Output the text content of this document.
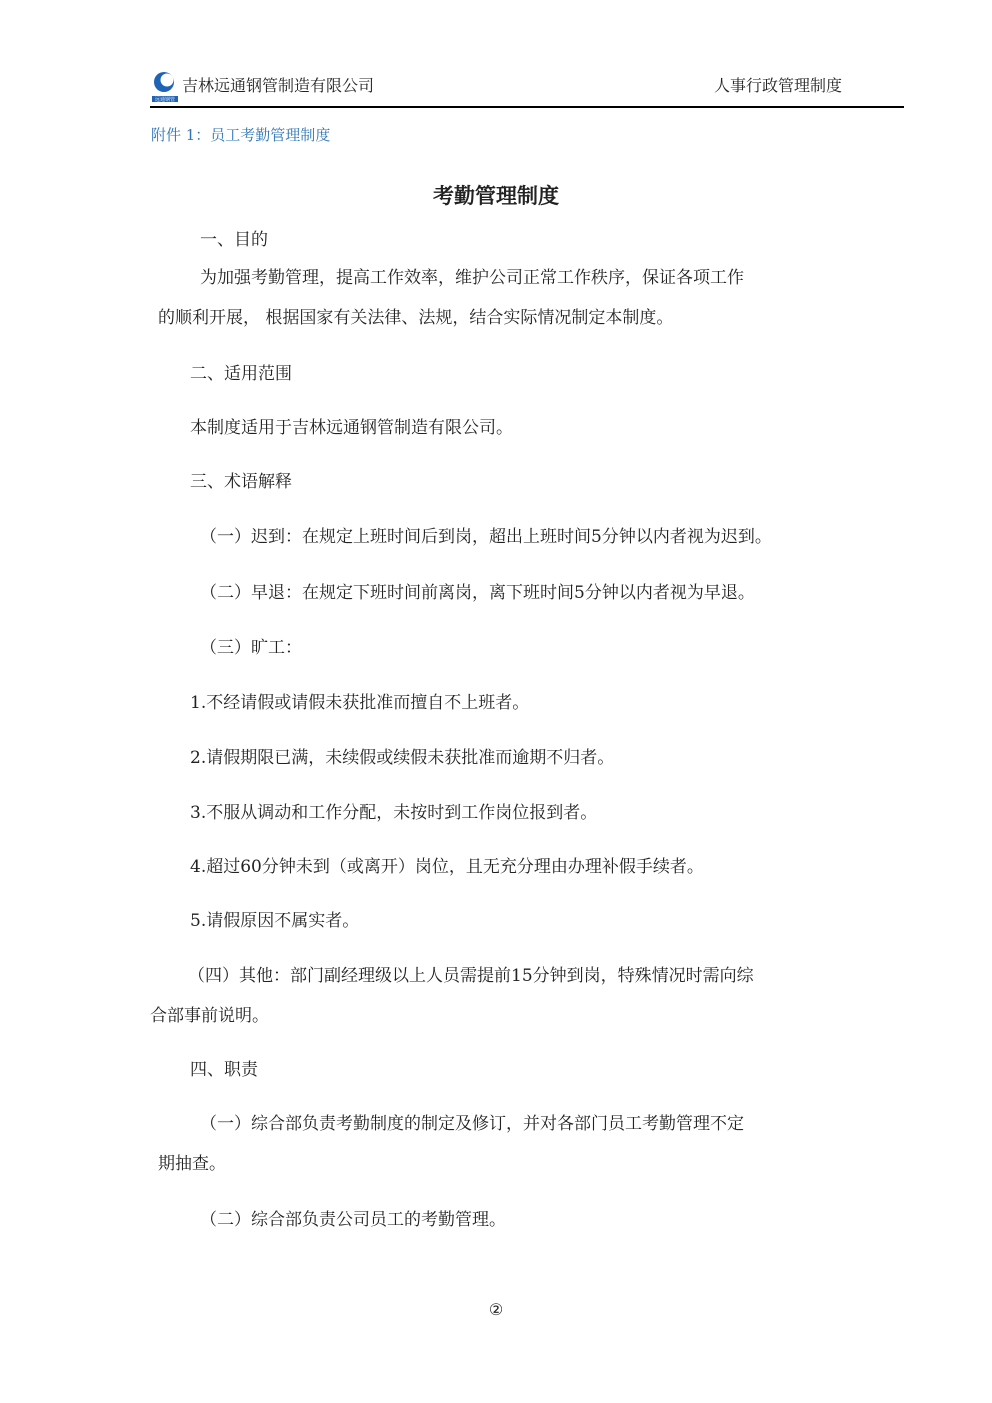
远通钢管
吉林远通钢管制造有限公司	人事行政管理制度
附件 1：员工考勤管理制度
考勤管理制度
一、目的
为加强考勤管理，提高工作效率，维护公司正常工作秩序，保证各项工作
的顺利开展， 根据国家有关法律、法规，结合实际情况制定本制度。
二、适用范围
本制度适用于吉林远通钢管制造有限公司。
三、术语解释
（一）迟到：在规定上班时间后到岗，超出上班时间5分钟以内者视为迟到。
（二）早退：在规定下班时间前离岗，离下班时间5分钟以内者视为早退。
（三）旷工：
1.不经请假或请假未获批准而擅自不上班者。
2.请假期限已满，未续假或续假未获批准而逾期不归者。
3.不服从调动和工作分配，未按时到工作岗位报到者。
4.超过60分钟未到（或离开）岗位，且无充分理由办理补假手续者。
5.请假原因不属实者。
（四）其他：部门副经理级以上人员需提前15分钟到岗，特殊情况时需向综
合部事前说明。
四、职责
（一）综合部负责考勤制度的制定及修订，并对各部门员工考勤管理不定
期抽查。
（二）综合部负责公司员工的考勤管理。
②
